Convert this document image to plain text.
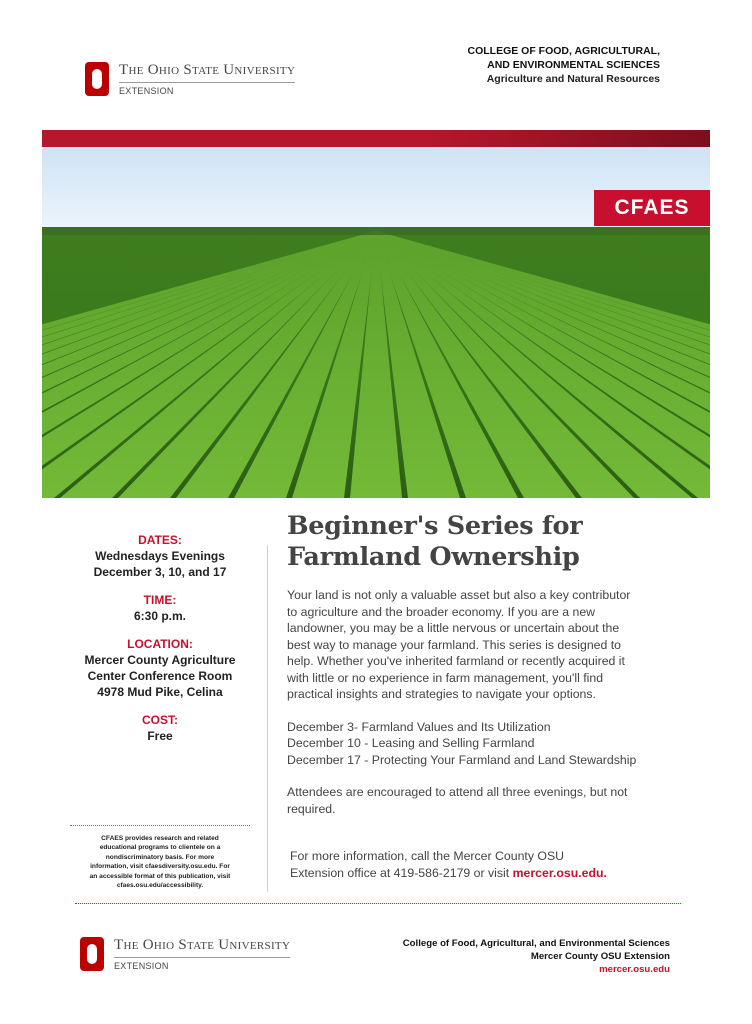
The Ohio State University
EXTENSION
COLLEGE OF FOOD, AGRICULTURAL,
AND ENVIRONMENTAL SCIENCES
Agriculture and Natural Resources
CFAES
DATES:
Wednesdays Evenings
December 3, 10, and 17
TIME:
6:30 p.m.
LOCATION:
Mercer County Agriculture
Center Conference Room
4978 Mud Pike, Celina
COST:
Free
CFAES provides research and related
educational programs to clientele on a
nondiscriminatory basis. For more
information, visit cfaesdiversity.osu.edu. For
an accessible format of this publication, visit
cfaes.osu.edu/accessibility.
Beginner's Series for
Farmland Ownership

Your land is not only a valuable asset but also a key contributor
to agriculture and the broader economy. If you are a new
landowner, you may be a little nervous or uncertain about the
best way to manage your farmland. This series is designed to
help. Whether you've inherited farmland or recently acquired it
with little or no experience in farm management, you'll find
practical insights and strategies to navigate your options.

December 3- Farmland Values and Its Utilization
December 10 - Leasing and Selling Farmland
December 17 - Protecting Your Farmland and Land Stewardship

Attendees are encouraged to attend all three evenings, but not
required.

For more information, call the Mercer County OSU
Extension office at 419-586-2179 or visit mercer.osu.edu.
The Ohio State University
EXTENSION
College of Food, Agricultural, and Environmental Sciences
Mercer County OSU Extension
mercer.osu.edu
